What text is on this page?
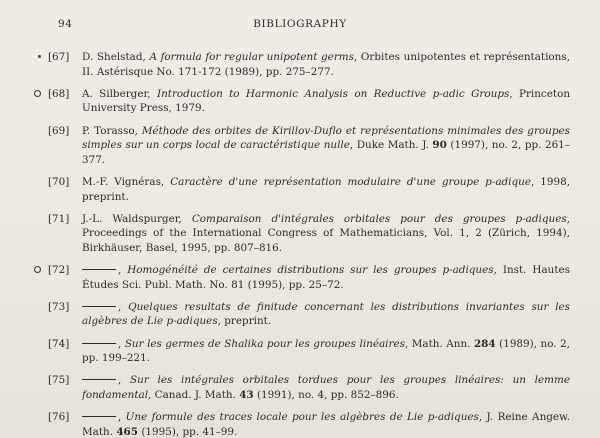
94	BIBLIOGRAPHY
[67]	D. Shelstad, A formula for regular unipotent germs, Orbites unipotentes et représentations, II. Astérisque No. 171-172 (1989), pp. 275–277.
[68]	A. Silberger, Introduction to Harmonic Analysis on Reductive p-adic Groups, Princeton University Press, 1979.
[69]	P. Torasso, Méthode des orbites de Kirillov-Duflo et représentations minimales des groupes simples sur un corps local de caractéristique nulle, Duke Math. J. 90 (1997), no. 2, pp. 261–377.
[70]	M.-F. Vignéras, Caractère d'une représentation modulaire d'une groupe p-adique, 1998, preprint.
[71]	J.-L. Waldspurger, Comparaison d'intégrales orbitales pour des groupes p-adiques, Proceedings of the International Congress of Mathematicians, Vol. 1, 2 (Zürich, 1994), Birkhäuser, Basel, 1995, pp. 807–816.
[72]	, Homogénéité de certaines distributions sur les groupes p-adiques, Inst. Hautes Études Sci. Publ. Math. No. 81 (1995), pp. 25–72.
[73]	, Quelques resultats de finitude concernant les distributions invariantes sur les algèbres de Lie p-adiques, preprint.
[74]	, Sur les germes de Shalika pour les groupes linéaires, Math. Ann. 284 (1989), no. 2, pp. 199–221.
[75]	, Sur les intégrales orbitales tordues pour les groupes linéaires: un lemme fondamental, Canad. J. Math. 43 (1991), no. 4, pp. 852–896.
[76]	, Une formule des traces locale pour les algèbres de Lie p-adiques, J. Reine Angew. Math. 465 (1995), pp. 41–99.
